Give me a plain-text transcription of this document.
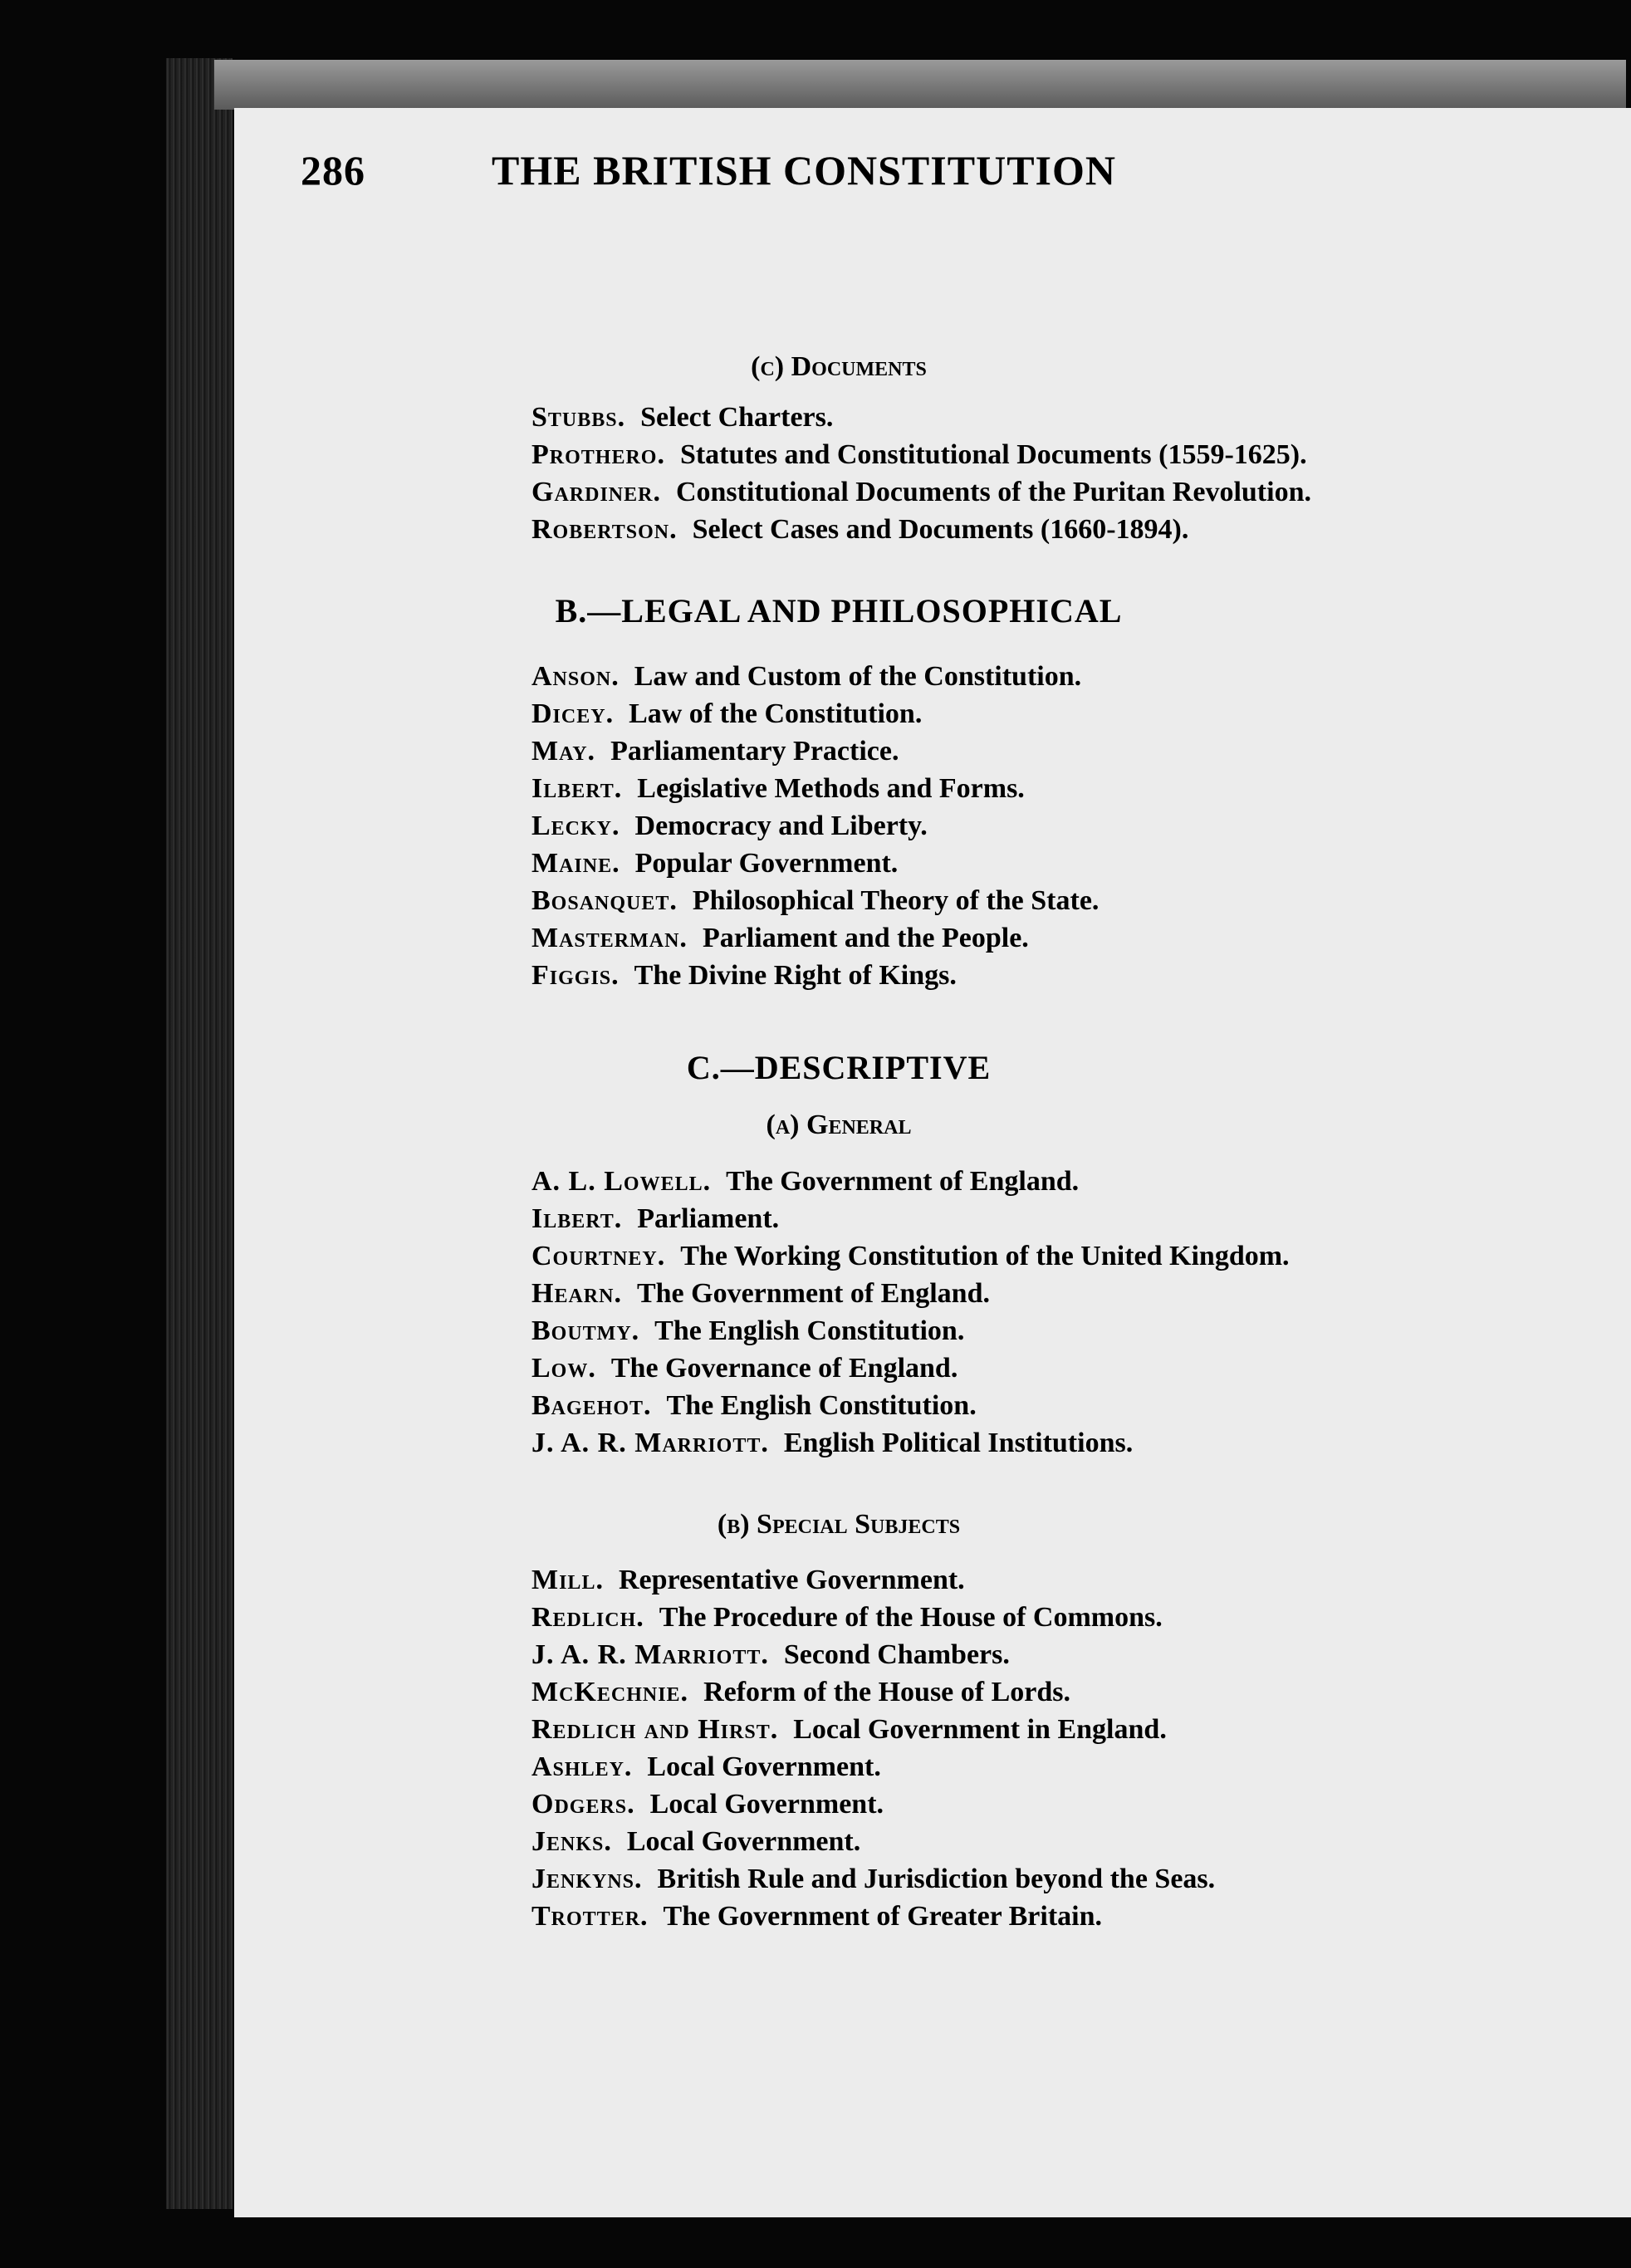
286	THE BRITISH CONSTITUTION
(c) Documents
Stubbs. Select Charters.
Prothero. Statutes and Constitutional Documents (1559-1625).
Gardiner. Constitutional Documents of the Puritan Revolution.
Robertson. Select Cases and Documents (1660-1894).
B.—LEGAL AND PHILOSOPHICAL
Anson. Law and Custom of the Constitution.
Dicey. Law of the Constitution.
May. Parliamentary Practice.
Ilbert. Legislative Methods and Forms.
Lecky. Democracy and Liberty.
Maine. Popular Government.
Bosanquet. Philosophical Theory of the State.
Masterman. Parliament and the People.
Figgis. The Divine Right of Kings.
C.—DESCRIPTIVE
(a) General
A. L. Lowell. The Government of England.
Ilbert. Parliament.
Courtney. The Working Constitution of the United Kingdom.
Hearn. The Government of England.
Boutmy. The English Constitution.
Low. The Governance of England.
Bagehot. The English Constitution.
J. A. R. Marriott. English Political Institutions.
(b) Special Subjects
Mill. Representative Government.
Redlich. The Procedure of the House of Commons.
J. A. R. Marriott. Second Chambers.
McKechnie. Reform of the House of Lords.
Redlich and Hirst. Local Government in England.
Ashley. Local Government.
Odgers. Local Government.
Jenks. Local Government.
Jenkyns. British Rule and Jurisdiction beyond the Seas.
Trotter. The Government of Greater Britain.
